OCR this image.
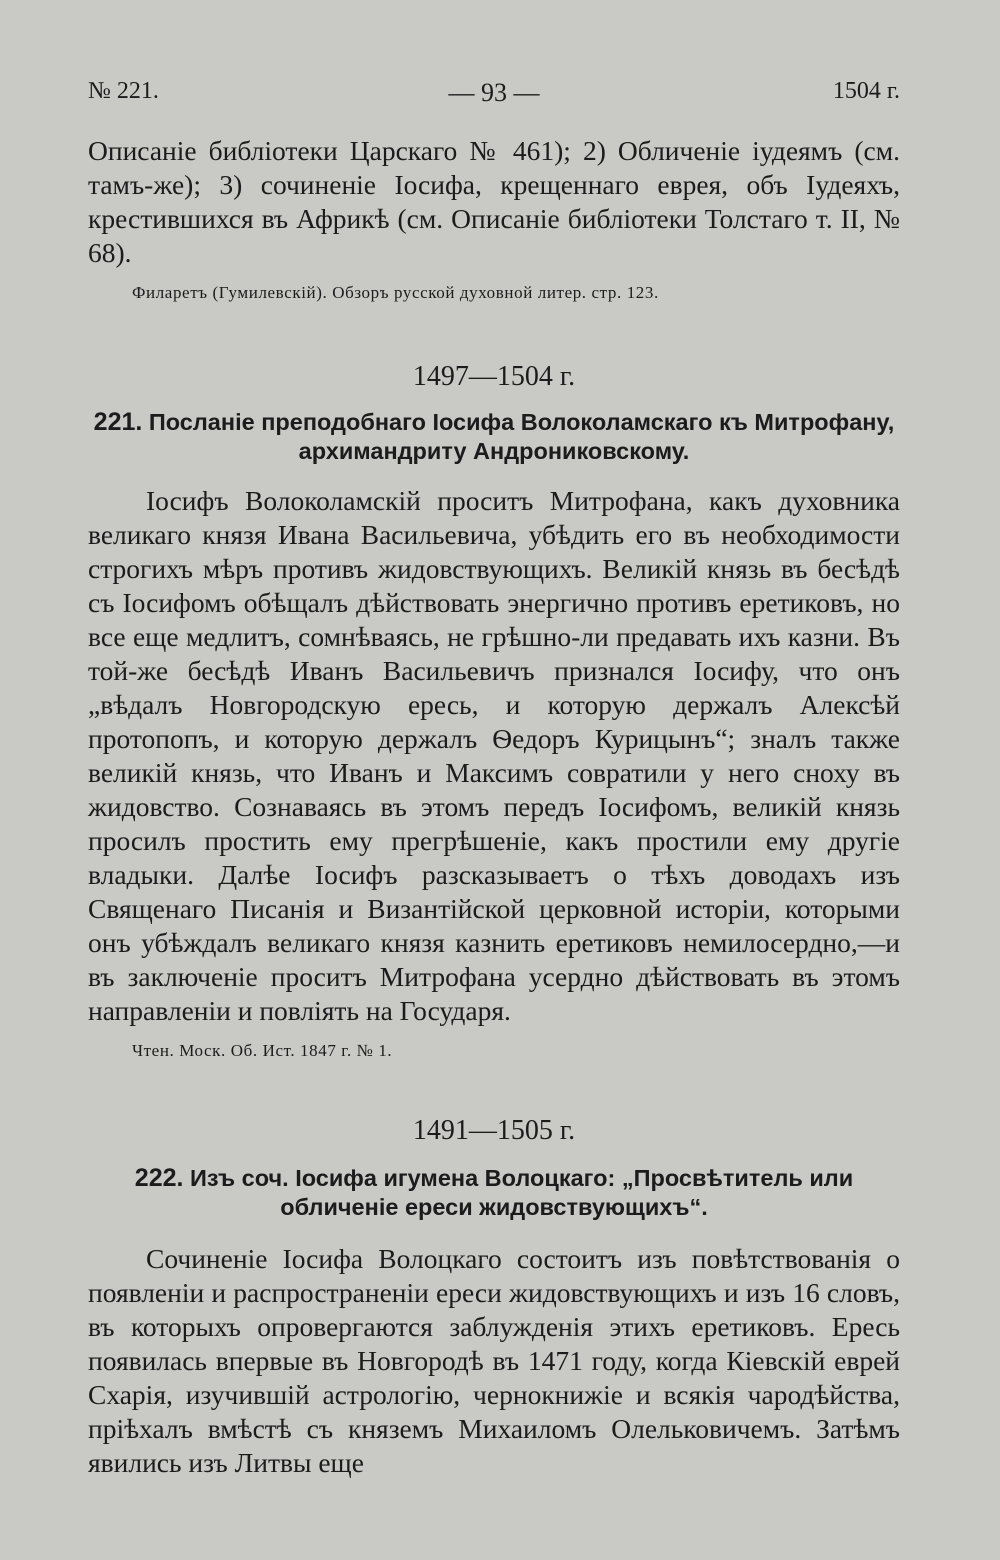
№ 221.	— 93 —	1504 г.

Описаніе библіотеки Царскаго № 461); 2) Обличеніе іудеямъ (см. тамъ-же); 3) сочиненіе Іосифа, крещеннаго еврея, объ Іудеяхъ, крестившихся въ Африкѣ (см. Описаніе библіотеки Толстаго т. II, № 68).

Филаретъ (Гумилевскій). Обзоръ русской духовной литер. стр. 123.
1497—1504 г.

221. Посланіе преподобнаго Іосифа Волоколамскаго къ Митрофану, архимандриту Андрониковскому.

Іосифъ Волоколамскій проситъ Митрофана, какъ духовника великаго князя Ивана Васильевича, убѣдить его въ необходимости строгихъ мѣръ противъ жидовствующихъ. Великій князь въ бесѣдѣ съ Іосифомъ обѣщалъ дѣйствовать энергично противъ еретиковъ, но все еще медлитъ, сомнѣваясь, не грѣшно-ли предавать ихъ казни. Въ той-же бесѣдѣ Иванъ Васильевичъ признался Іосифу, что онъ „вѣдалъ Новгородскую ересь, и которую держалъ Алексѣй протопопъ, и которую держалъ Ѳедоръ Курицынъ“; зналъ также великій князь, что Иванъ и Максимъ совратили у него сноху въ жидовство. Сознаваясь въ этомъ передъ Іосифомъ, великій князь просилъ простить ему прегрѣшеніе, какъ простили ему другіе владыки. Далѣе Іосифъ разсказываетъ о тѣхъ доводахъ изъ Священаго Писанія и Византійской церковной исторіи, которыми онъ убѣждалъ великаго князя казнить еретиковъ немилосердно,—и въ заключеніе проситъ Митрофана усердно дѣйствовать въ этомъ направленіи и повліять на Государя.

Чтен. Моск. Об. Ист. 1847 г. № 1.
1491—1505 г.

222. Изъ соч. Іосифа игумена Волоцкаго: „Просвѣтитель или обличеніе ереси жидовствующихъ“.

Сочиненіе Іосифа Волоцкаго состоитъ изъ повѣтствованія о появленіи и распространеніи ереси жидовствующихъ и изъ 16 словъ, въ которыхъ опровергаются заблужденія этихъ еретиковъ. Ересь появилась впервые въ Новгородѣ въ 1471 году, когда Кіевскій еврей Схарія, изучившій астрологію, чернокнижіе и всякія чародѣйства, пріѣхалъ вмѣстѣ съ княземъ Михаиломъ Олельковичемъ. Затѣмъ явились изъ Литвы еще
